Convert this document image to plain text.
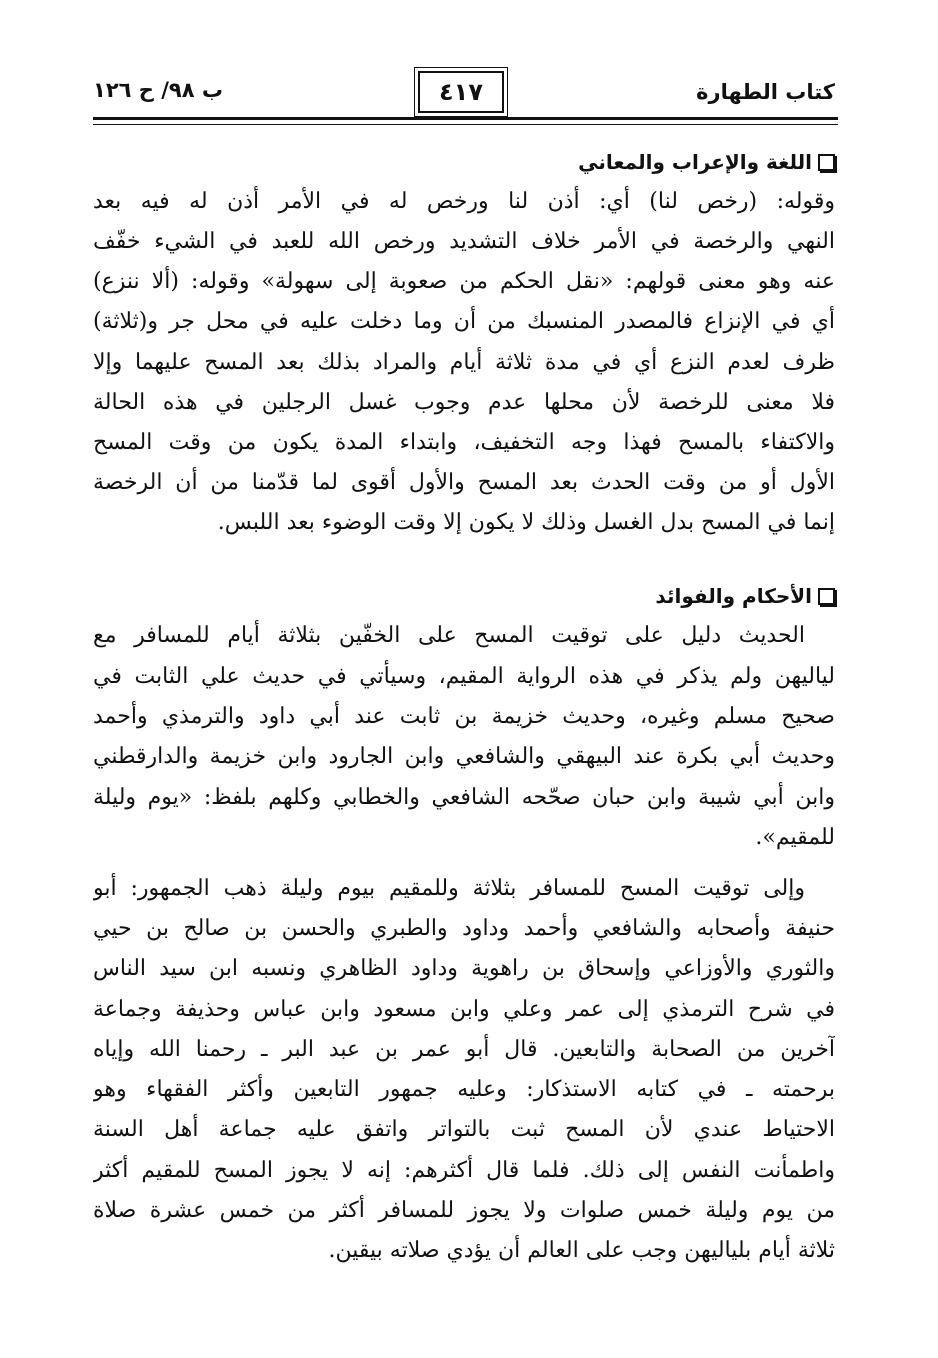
كتاب الطهارة
٤١٧
ب ٩٨/ ح ١٢٦
اللغة والإعراب والمعاني
وقوله: (رخص لنا) أي: أذن لنا ورخص له في الأمر أذن له فيه بعد
النهي والرخصة في الأمر خلاف التشديد ورخص الله للعبد في الشيء خفّف
عنه وهو معنى قولهم: «نقل الحكم من صعوبة إلى سهولة» وقوله: (ألا ننزع)
أي في الإنزاع فالمصدر المنسبك من أن وما دخلت عليه في محل جر و(ثلاثة)
ظرف لعدم النزع أي في مدة ثلاثة أيام والمراد بذلك بعد المسح عليهما وإلا
فلا معنى للرخصة لأن محلها عدم وجوب غسل الرجلين في هذه الحالة
والاكتفاء بالمسح فهذا وجه التخفيف، وابتداء المدة يكون من وقت المسح
الأول أو من وقت الحدث بعد المسح والأول أقوى لما قدّمنا من أن الرخصة
إنما في المسح بدل الغسل وذلك لا يكون إلا وقت الوضوء بعد اللبس.
الأحكام والفوائد
الحديث دليل على توقيت المسح على الخفّين بثلاثة أيام للمسافر مع
لياليهن ولم يذكر في هذه الرواية المقيم، وسيأتي في حديث علي الثابت في
صحيح مسلم وغيره، وحديث خزيمة بن ثابت عند أبي داود والترمذي وأحمد
وحديث أبي بكرة عند البيهقي والشافعي وابن الجارود وابن خزيمة والدارقطني
وابن أبي شيبة وابن حبان صحّحه الشافعي والخطابي وكلهم بلفظ: «يوم وليلة
للمقيم».
وإلى توقيت المسح للمسافر بثلاثة وللمقيم بيوم وليلة ذهب الجمهور: أبو
حنيفة وأصحابه والشافعي وأحمد وداود والطبري والحسن بن صالح بن حيي
والثوري والأوزاعي وإسحاق بن راهوية وداود الظاهري ونسبه ابن سيد الناس
في شرح الترمذي إلى عمر وعلي وابن مسعود وابن عباس وحذيفة وجماعة
آخرين من الصحابة والتابعين. قال أبو عمر بن عبد البر ـ رحمنا الله وإياه
برحمته ـ في كتابه الاستذكار: وعليه جمهور التابعين وأكثر الفقهاء وهو
الاحتياط عندي لأن المسح ثبت بالتواتر واتفق عليه جماعة أهل السنة
واطمأنت النفس إلى ذلك. فلما قال أكثرهم: إنه لا يجوز المسح للمقيم أكثر
من يوم وليلة خمس صلوات ولا يجوز للمسافر أكثر من خمس عشرة صلاة
ثلاثة أيام بلياليهن وجب على العالم أن يؤدي صلاته بيقين.
